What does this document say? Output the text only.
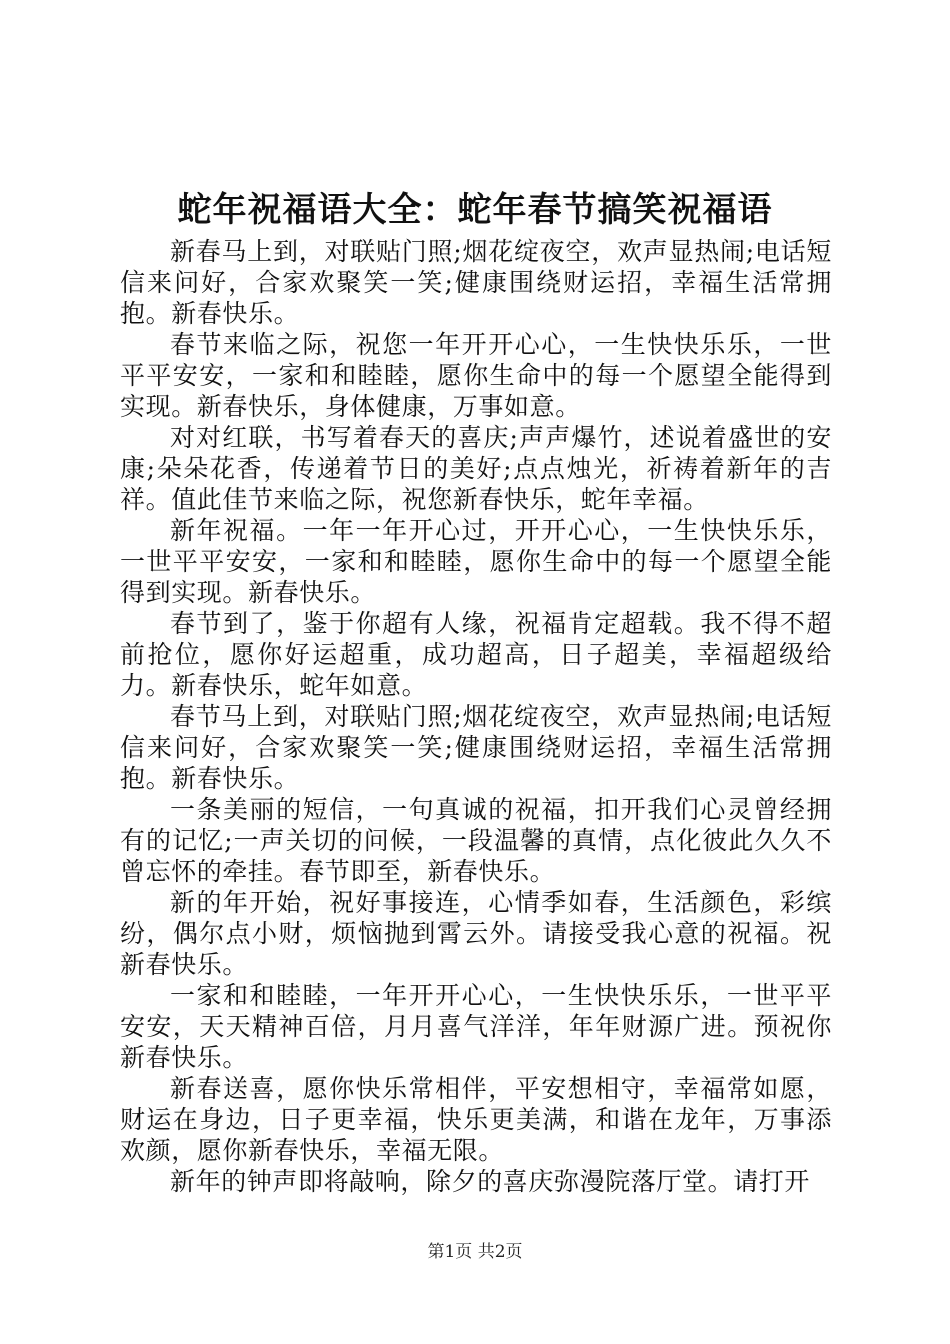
蛇年祝福语大全：蛇年春节搞笑祝福语

新春马上到，对联贴门照;烟花绽夜空，欢声显热闹;电话短信来问好，合家欢聚笑一笑;健康围绕财运招，幸福生活常拥抱。新春快乐。

春节来临之际，祝您一年开开心心，一生快快乐乐，一世平平安安，一家和和睦睦，愿你生命中的每一个愿望全能得到实现。新春快乐，身体健康，万事如意。

对对红联，书写着春天的喜庆;声声爆竹，述说着盛世的安康;朵朵花香，传递着节日的美好;点点烛光，祈祷着新年的吉祥。值此佳节来临之际，祝您新春快乐，蛇年幸福。

新年祝福。一年一年开心过，开开心心，一生快快乐乐，一世平平安安，一家和和睦睦，愿你生命中的每一个愿望全能得到实现。新春快乐。

春节到了，鉴于你超有人缘，祝福肯定超载。我不得不超前抢位，愿你好运超重，成功超高，日子超美，幸福超级给力。新春快乐，蛇年如意。

春节马上到，对联贴门照;烟花绽夜空，欢声显热闹;电话短信来问好，合家欢聚笑一笑;健康围绕财运招，幸福生活常拥抱。新春快乐。

一条美丽的短信，一句真诚的祝福，扣开我们心灵曾经拥有的记忆;一声关切的问候，一段温馨的真情，点化彼此久久不曾忘怀的牵挂。春节即至，新春快乐。

新的年开始，祝好事接连，心情季如春，生活颜色，彩缤纷，偶尔点小财，烦恼抛到霄云外。请接受我心意的祝福。祝新春快乐。

一家和和睦睦，一年开开心心，一生快快乐乐，一世平平安安，天天精神百倍，月月喜气洋洋，年年财源广进。预祝你新春快乐。

新春送喜，愿你快乐常相伴，平安想相守，幸福常如愿，财运在身边，日子更幸福，快乐更美满，和谐在龙年，万事添欢颜，愿你新春快乐，幸福无限。

新年的钟声即将敲响，除夕的喜庆弥漫院落厅堂。请打开

第1页 共2页
